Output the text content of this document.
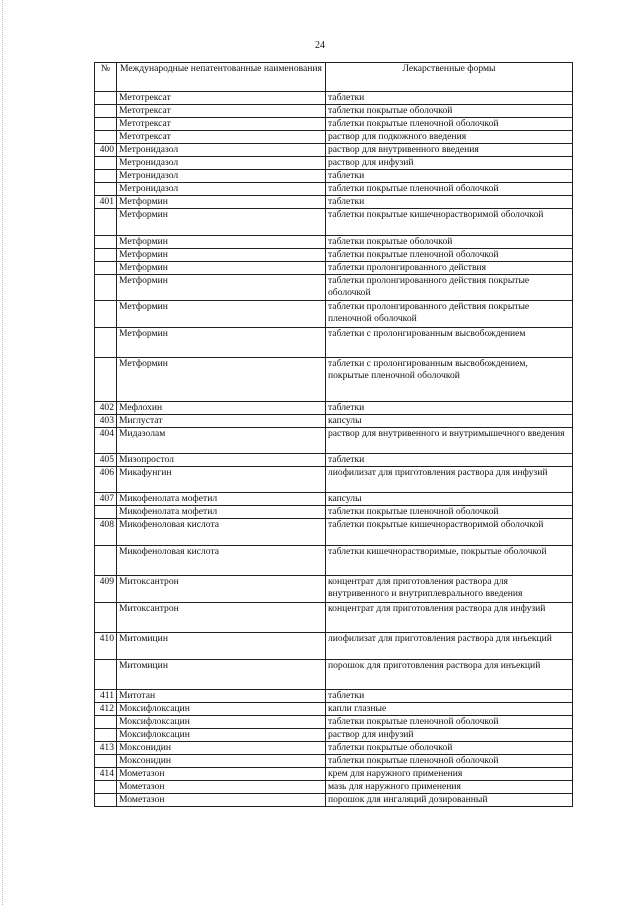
24
№	Международные непатентованные наименования	Лекарственные формы
	Метотрексат	таблетки
	Метотрексат	таблетки покрытые оболочкой
	Метотрексат	таблетки покрытые пленочной оболочкой
	Метотрексат	раствор для подкожного введения
400	Метронидазол	раствор для внутривенного введения
	Метронидазол	раствор для инфузий
	Метронидазол	таблетки
	Метронидазол	таблетки покрытые пленочной оболочкой
401	Метформин	таблетки
	Метформин	таблетки покрытые кишечнорастворимой оболочкой
	Метформин	таблетки покрытые оболочкой
	Метформин	таблетки покрытые пленочной оболочкой
	Метформин	таблетки пролонгированного действия
	Метформин	таблетки пролонгированного действия покрытые оболочкой
	Метформин	таблетки пролонгированного действия покрытые пленочной оболочкой
	Метформин	таблетки с пролонгированным высвобождением
	Метформин	таблетки с пролонгированным высвобождением, покрытые пленочной оболочкой
402	Мефлохин	таблетки
403	Миглустат	капсулы
404	Мидазолам	раствор для внутривенного и внутримышечного введения
405	Мизопростол	таблетки
406	Микафунгин	лиофилизат для приготовления раствора для инфузий
407	Микофенолата мофетил	капсулы
	Микофенолата мофетил	таблетки покрытые пленочной оболочкой
408	Микофеноловая кислота	таблетки покрытые кишечнорастворимой оболочкой
	Микофеноловая кислота	таблетки кишечнорастворимые, покрытые оболочкой
409	Митоксантрон	концентрат для приготовления раствора для внутривенного и внутриплеврального введения
	Митоксантрон	концентрат для приготовления раствора для инфузий
410	Митомицин	лиофилизат для приготовления раствора для инъекций
	Митомицин	порошок для приготовления раствора для инъекций
411	Митотан	таблетки
412	Моксифлоксацин	капли глазные
	Моксифлоксацин	таблетки покрытые пленочной оболочкой
	Моксифлоксацин	раствор для инфузий
413	Моксонидин	таблетки покрытые оболочкой
	Моксонидин	таблетки покрытые пленочной оболочкой
414	Мометазон	крем для наружного применения
	Мометазон	мазь для наружного применения
	Мометазон	порошок для ингаляций дозированный
